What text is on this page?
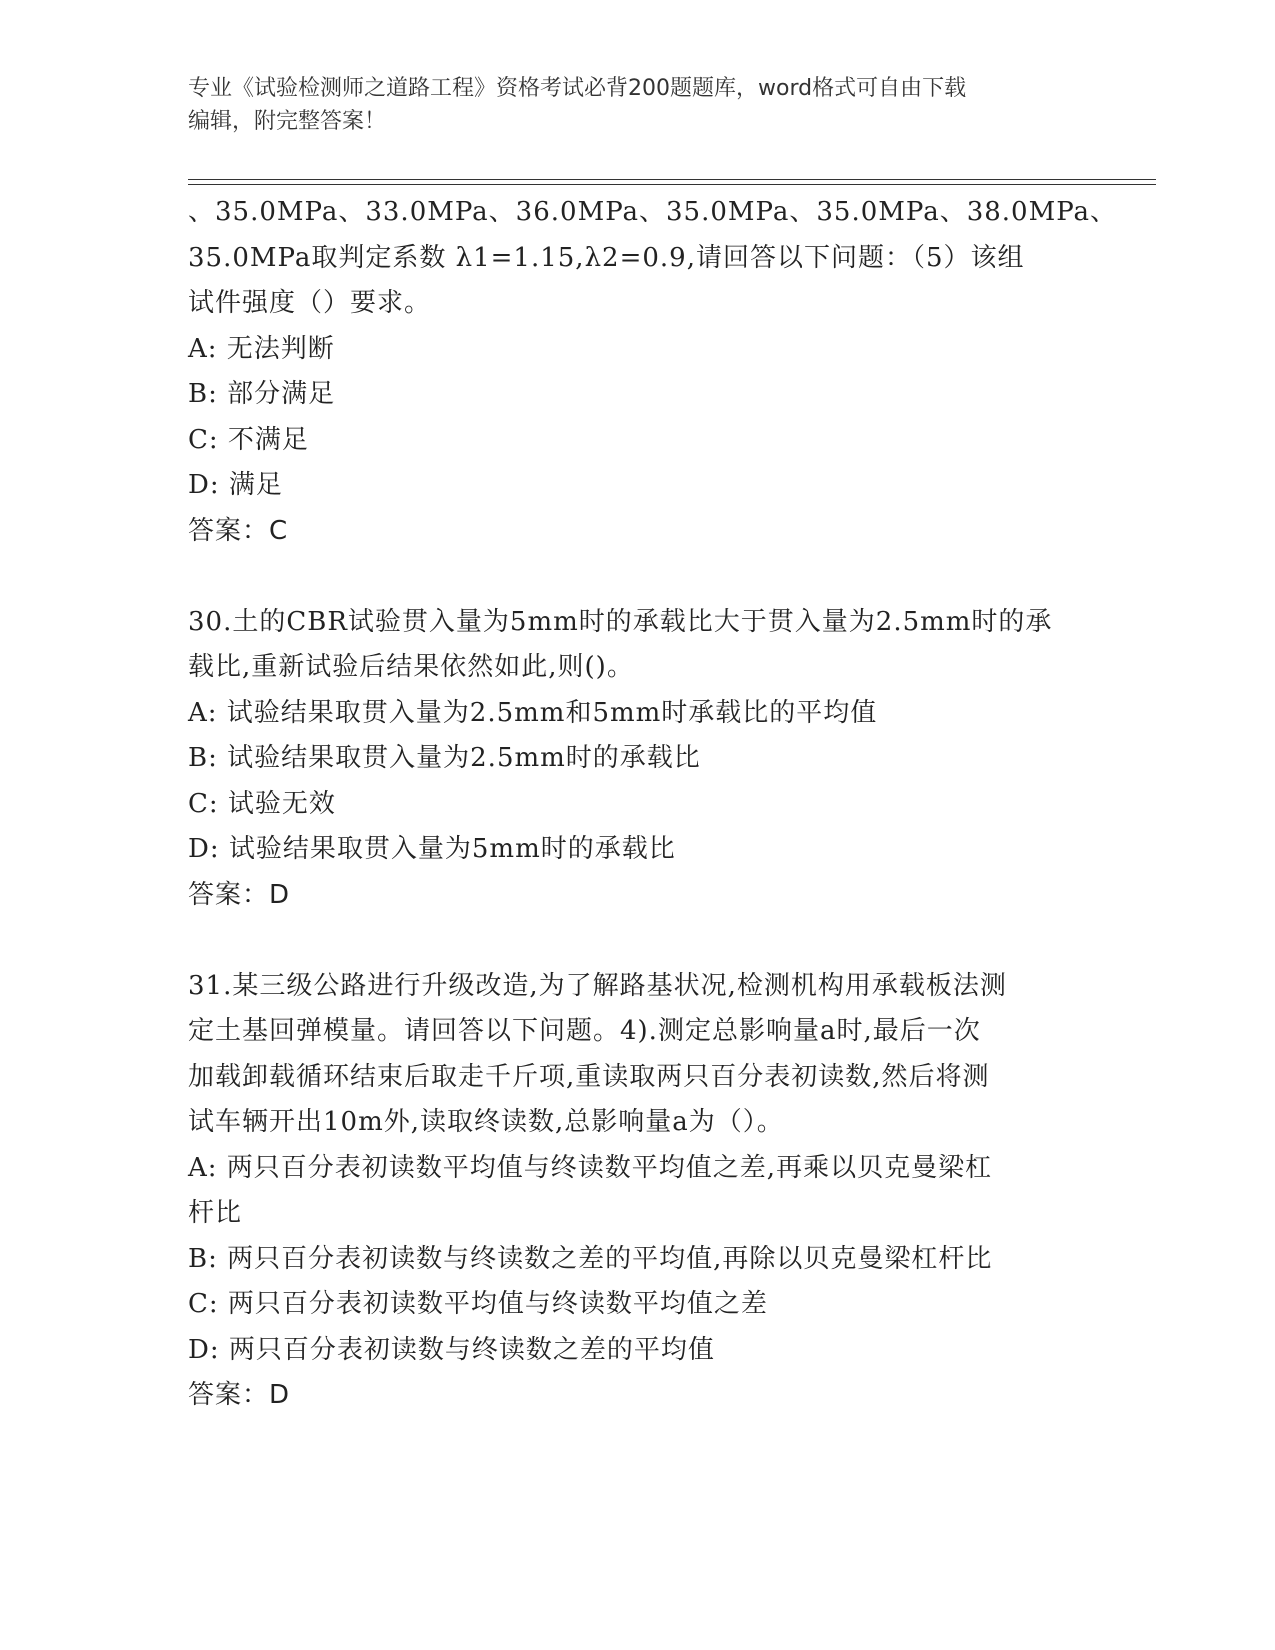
专业《试验检测师之道路工程》资格考试必背200题题库，word格式可自由下载
编辑，附完整答案！
、35.0MPa、33.0MPa、36.0MPa、35.0MPa、35.0MPa、38.0MPa、
35.0MPa取判定系数 λ1=1.15,λ2=0.9,请回答以下问题：（5）该组
试件强度（）要求。
A: 无法判断
B: 部分满足
C: 不满足
D: 满足
答案：C
30.土的CBR试验贯入量为5mm时的承载比大于贯入量为2.5mm时的承
载比,重新试验后结果依然如此,则()。
A: 试验结果取贯入量为2.5mm和5mm时承载比的平均值
B: 试验结果取贯入量为2.5mm时的承载比
C: 试验无效
D: 试验结果取贯入量为5mm时的承载比
答案：D
31.某三级公路进行升级改造,为了解路基状况,检测机构用承载板法测
定土基回弹模量。请回答以下问题。4).测定总影响量a时,最后一次
加载卸载循环结束后取走千斤项,重读取两只百分表初读数,然后将测
试车辆开出10m外,读取终读数,总影响量a为（）。
A: 两只百分表初读数平均值与终读数平均值之差,再乘以贝克曼梁杠
杆比
B: 两只百分表初读数与终读数之差的平均值,再除以贝克曼梁杠杆比
C: 两只百分表初读数平均值与终读数平均值之差
D: 两只百分表初读数与终读数之差的平均值
答案：D
